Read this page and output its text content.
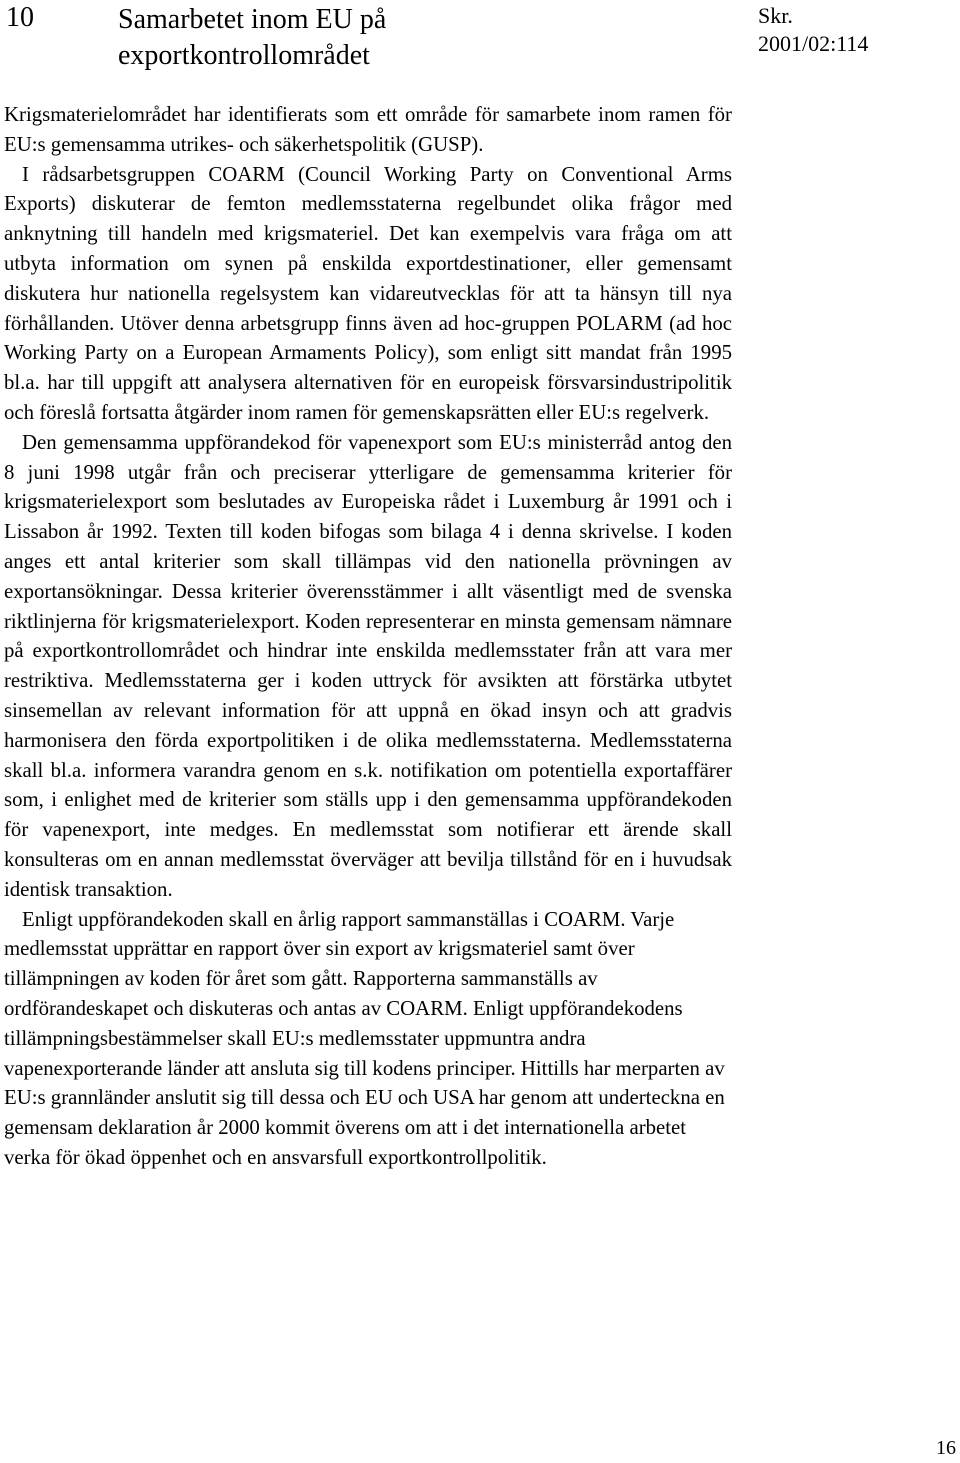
10	Samarbetet inom EU på exportkontrollområdet
Skr.
2001/02:114

Krigsmaterielområdet har identifierats som ett område för samarbete inom ramen för EU:s gemensamma utrikes- och säkerhetspolitik (GUSP).

I rådsarbetsgruppen COARM (Council Working Party on Conventional Arms Exports) diskuterar de femton medlemsstaterna regelbundet olika frågor med anknytning till handeln med krigsmateriel. Det kan exempelvis vara fråga om att utbyta information om synen på enskilda exportdestinationer, eller gemensamt diskutera hur nationella regelsystem kan vidareutvecklas för att ta hänsyn till nya förhållanden. Utöver denna arbetsgrupp finns även ad hoc-gruppen POLARM (ad hoc Working Party on a European Armaments Policy), som enligt sitt mandat från 1995 bl.a. har till uppgift att analysera alternativen för en europeisk försvarsindustripolitik och föreslå fortsatta åtgärder inom ramen för gemenskapsrätten eller EU:s regelverk.

Den gemensamma uppförandekod för vapenexport som EU:s ministerråd antog den 8 juni 1998 utgår från och preciserar ytterligare de gemensamma kriterier för krigsmaterielexport som beslutades av Europeiska rådet i Luxemburg år 1991 och i Lissabon år 1992. Texten till koden bifogas som bilaga 4 i denna skrivelse. I koden anges ett antal kriterier som skall tillämpas vid den nationella prövningen av exportansökningar. Dessa kriterier överensstämmer i allt väsentligt med de svenska riktlinjerna för krigsmaterielexport. Koden representerar en minsta gemensam nämnare på exportkontrollområdet och hindrar inte enskilda medlemsstater från att vara mer restriktiva. Medlemsstaterna ger i koden uttryck för avsikten att förstärka utbytet sinsemellan av relevant information för att uppnå en ökad insyn och att gradvis harmonisera den förda exportpolitiken i de olika medlemsstaterna. Medlemsstaterna skall bl.a. informera varandra genom en s.k. notifikation om potentiella exportaffärer som, i enlighet med de kriterier som ställs upp i den gemensamma uppförandekoden för vapenexport, inte medges. En medlemsstat som notifierar ett ärende skall konsulteras om en annan medlemsstat överväger att bevilja tillstånd för en i huvudsak identisk transaktion.

Enligt uppförandekoden skall en årlig rapport sammanställas i COARM. Varje medlemsstat upprättar en rapport över sin export av krigsmateriel samt över tillämpningen av koden för året som gått. Rapporterna sammanställs av ordförandeskapet och diskuteras och antas av COARM. Enligt uppförandekodens tillämpningsbestämmelser skall EU:s medlemsstater uppmuntra andra vapenexporterande länder att ansluta sig till kodens principer. Hittills har merparten av EU:s grannländer anslutit sig till dessa och EU och USA har genom att underteckna en gemensam deklaration år 2000 kommit överens om att i det internationella arbetet verka för ökad öppenhet och en ansvarsfull exportkontrollpolitik.

16
